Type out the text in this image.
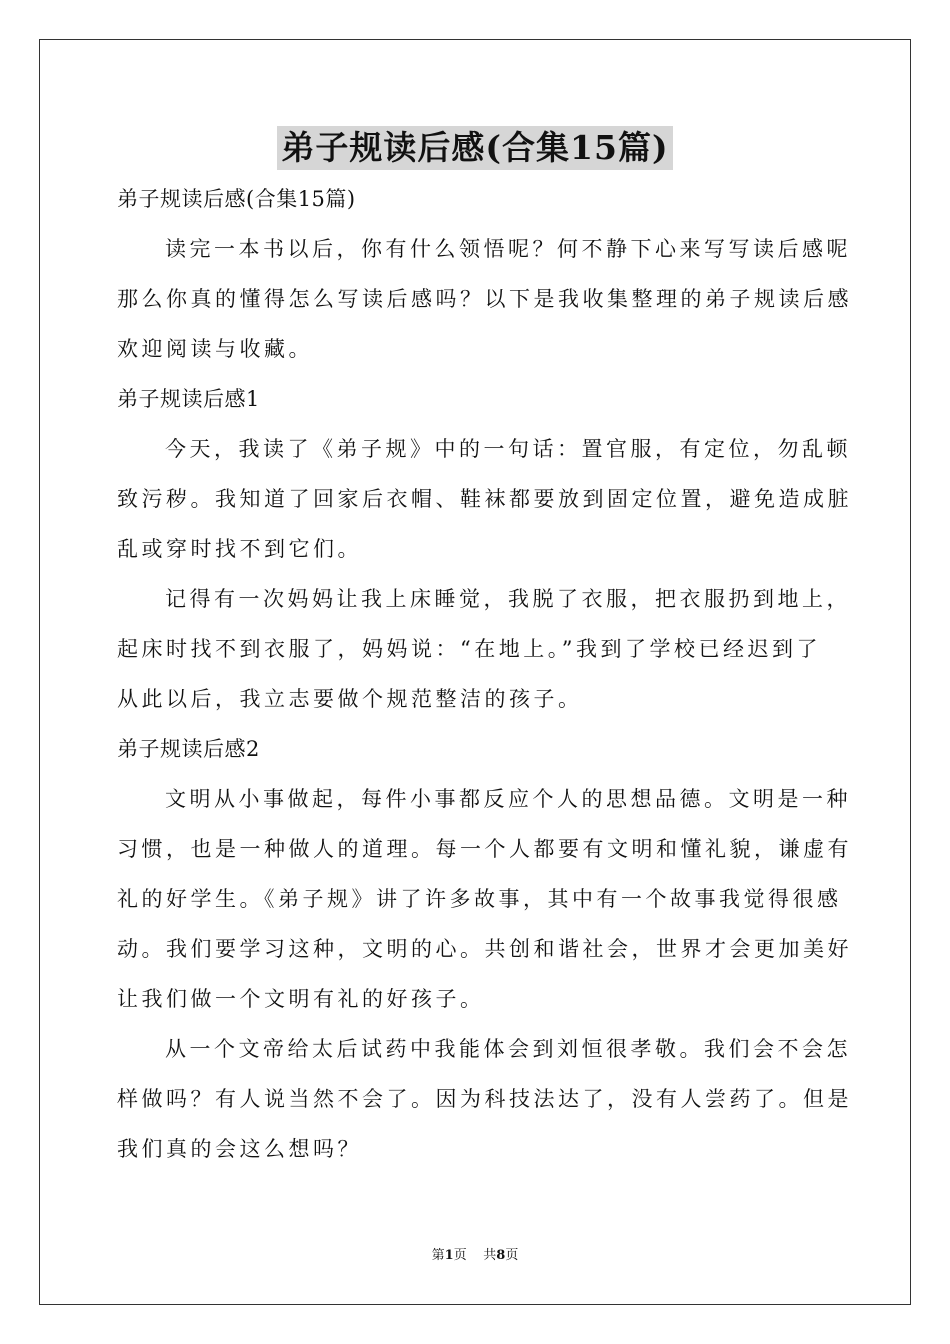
弟子规读后感(合集15篇)
弟子规读后感(合集15篇)
读完一本书以后，你有什么领悟呢？何不静下心来写写读后感呢
那么你真的懂得怎么写读后感吗？以下是我收集整理的弟子规读后感
欢迎阅读与收藏。
弟子规读后感1
今天，我读了《弟子规》中的一句话：置官服，有定位，勿乱顿
致污秽。我知道了回家后衣帽、鞋袜都要放到固定位置，避免造成脏
乱或穿时找不到它们。
记得有一次妈妈让我上床睡觉，我脱了衣服，把衣服扔到地上，
起床时找不到衣服了，妈妈说：“在地上。”我到了学校已经迟到了
从此以后，我立志要做个规范整洁的孩子。
弟子规读后感2
文明从小事做起，每件小事都反应个人的思想品德。文明是一种
习惯，也是一种做人的道理。每一个人都要有文明和懂礼貌，谦虚有
礼的好学生。《弟子规》讲了许多故事，其中有一个故事我觉得很感
动。我们要学习这种，文明的心。共创和谐社会，世界才会更加美好
让我们做一个文明有礼的好孩子。
从一个文帝给太后试药中我能体会到刘恒很孝敬。我们会不会怎
样做吗？有人说当然不会了。因为科技法达了，没有人尝药了。但是
我们真的会这么想吗？
第1页 共8页
